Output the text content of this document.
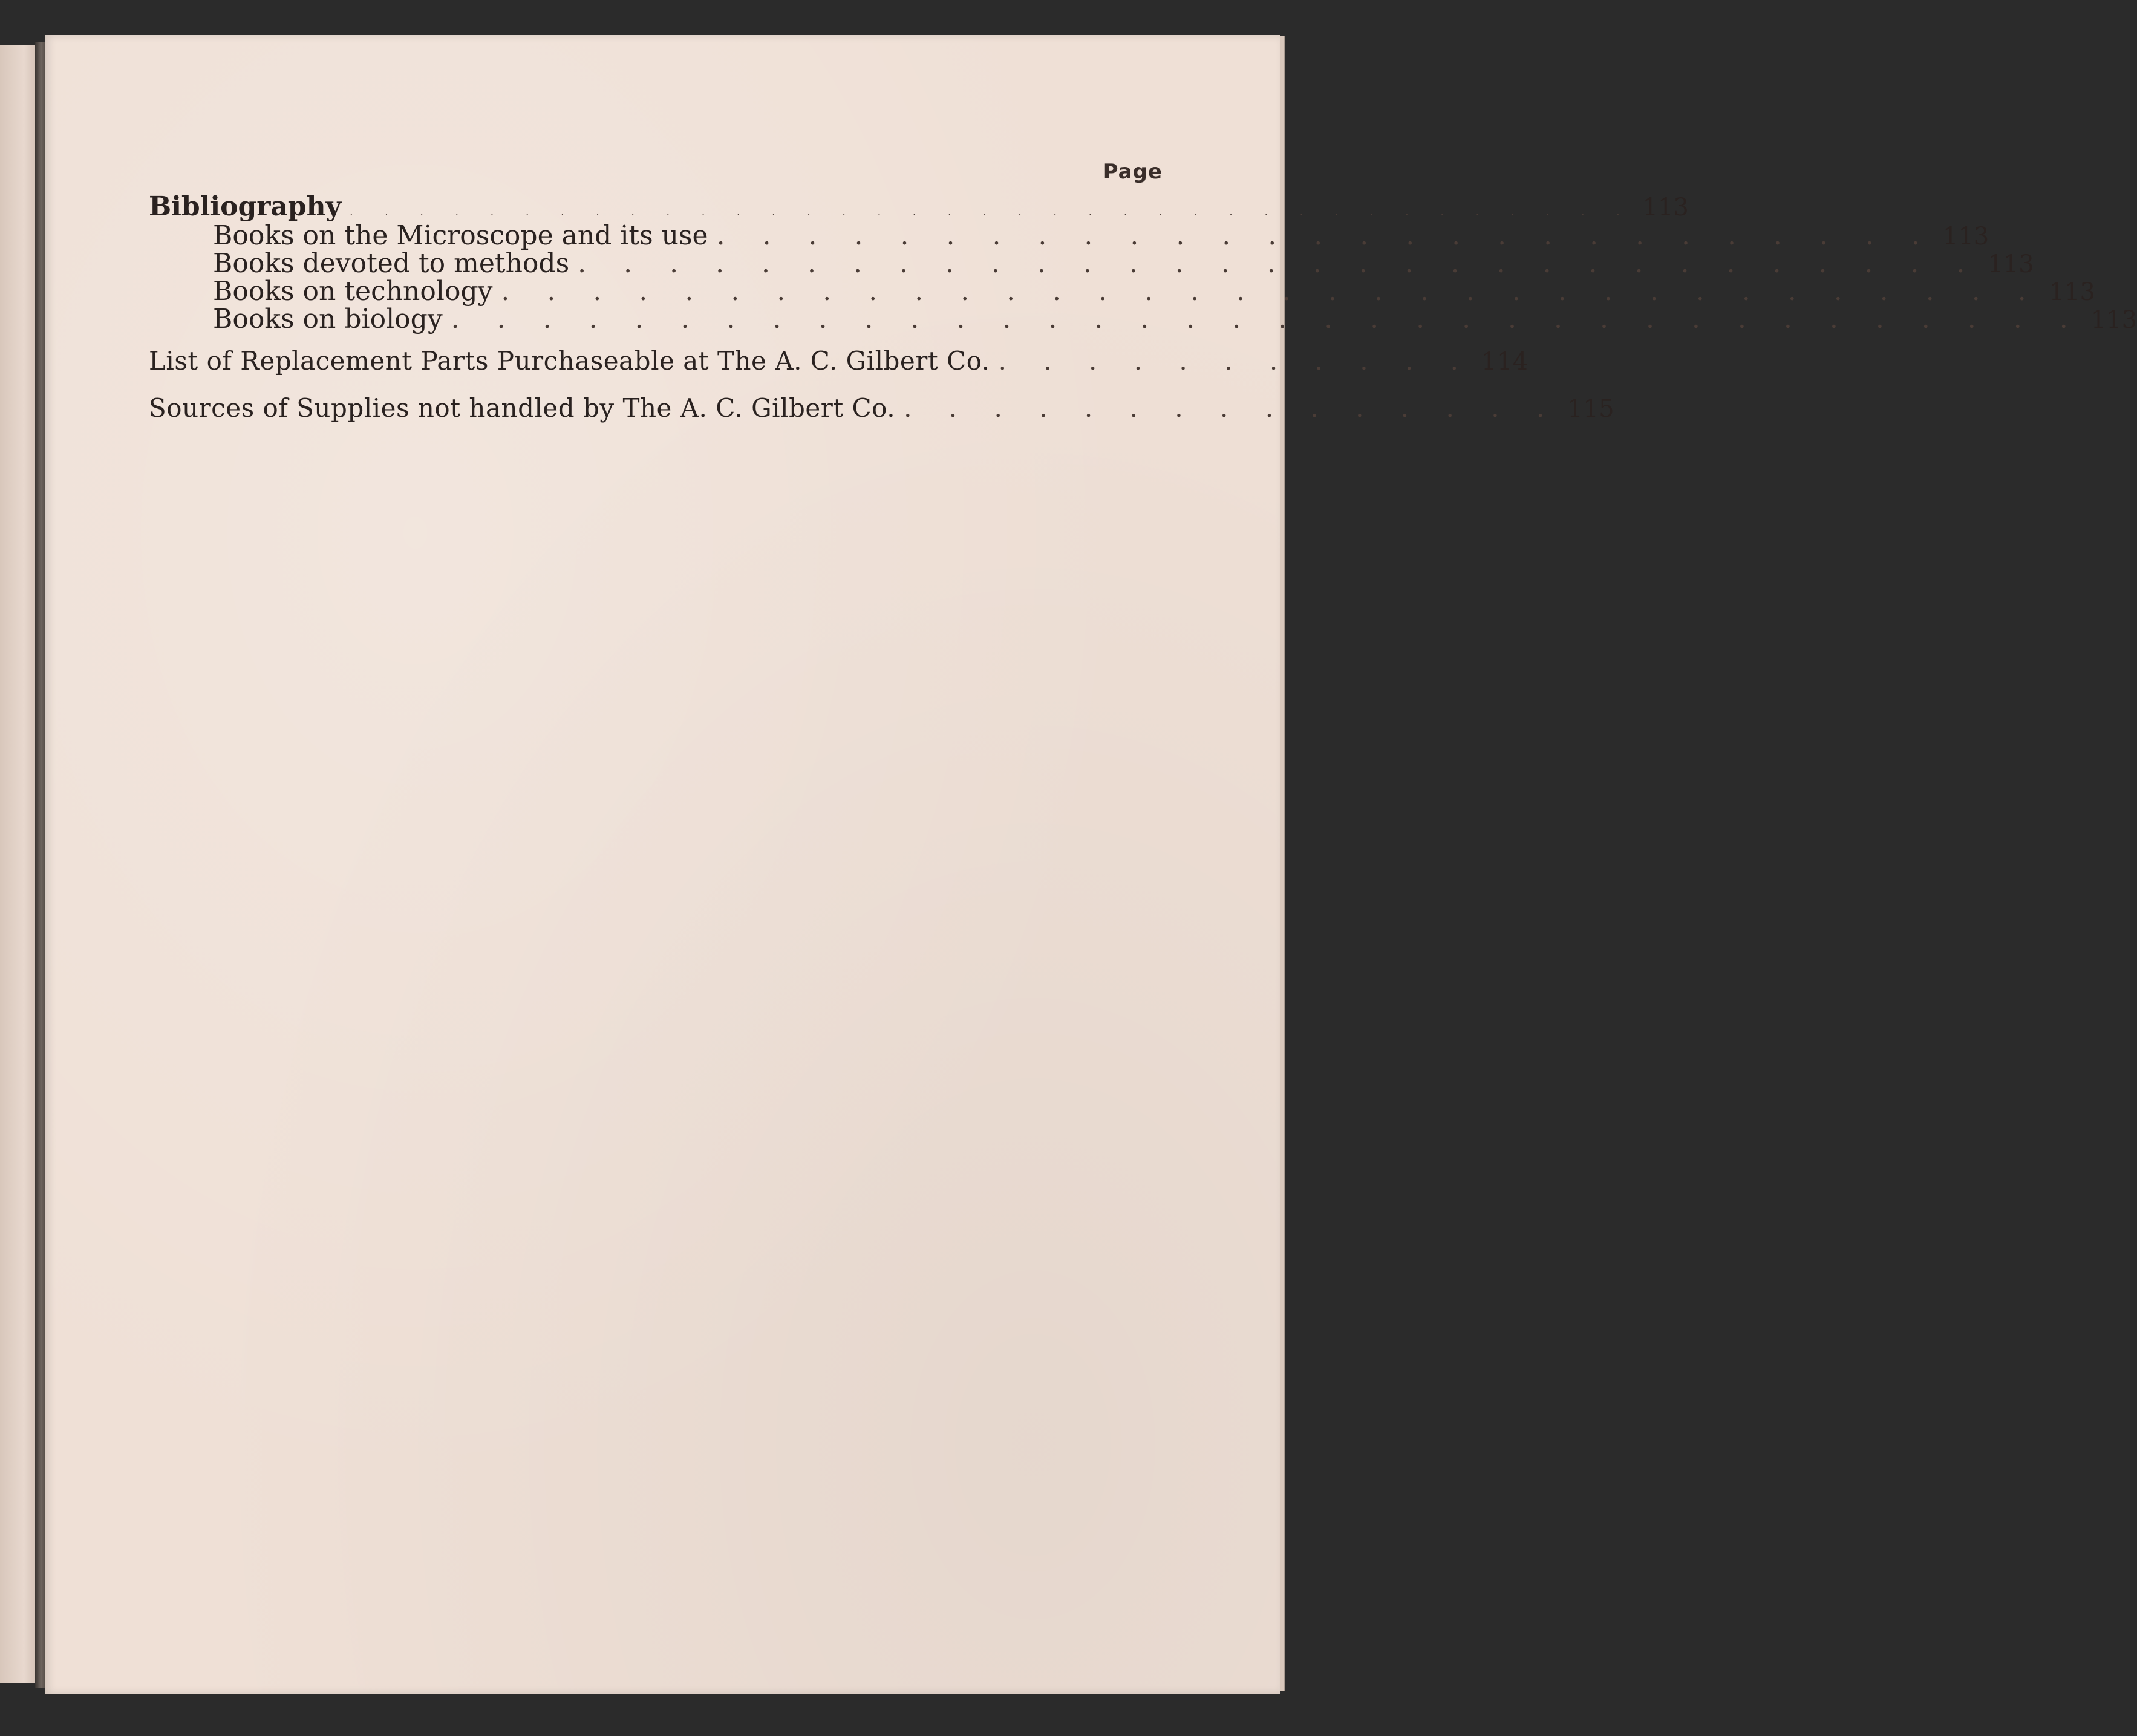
Page
Bibliography . . . . . . . . . . . . . . . . . . . . . . . . . . . . . . . . . . . . . 113
Books on the Microscope and its use . . . . . . . . . . . . . . . . . . . . . . . . . . . 113
Books devoted to methods . . . . . . . . . . . . . . . . . . . . . . . . . . . . . . . 113
Books on technology . . . . . . . . . . . . . . . . . . . . . . . . . . . . . . . . . . 113
Books on biology . . . . . . . . . . . . . . . . . . . . . . . . . . . . . . . . . . . . 113
List of Replacement Parts Purchaseable at The A. C. Gilbert Co. . . . . . . . . . . . 114
Sources of Supplies not handled by The A. C. Gilbert Co. . . . . . . . . . . . . . . . 115
